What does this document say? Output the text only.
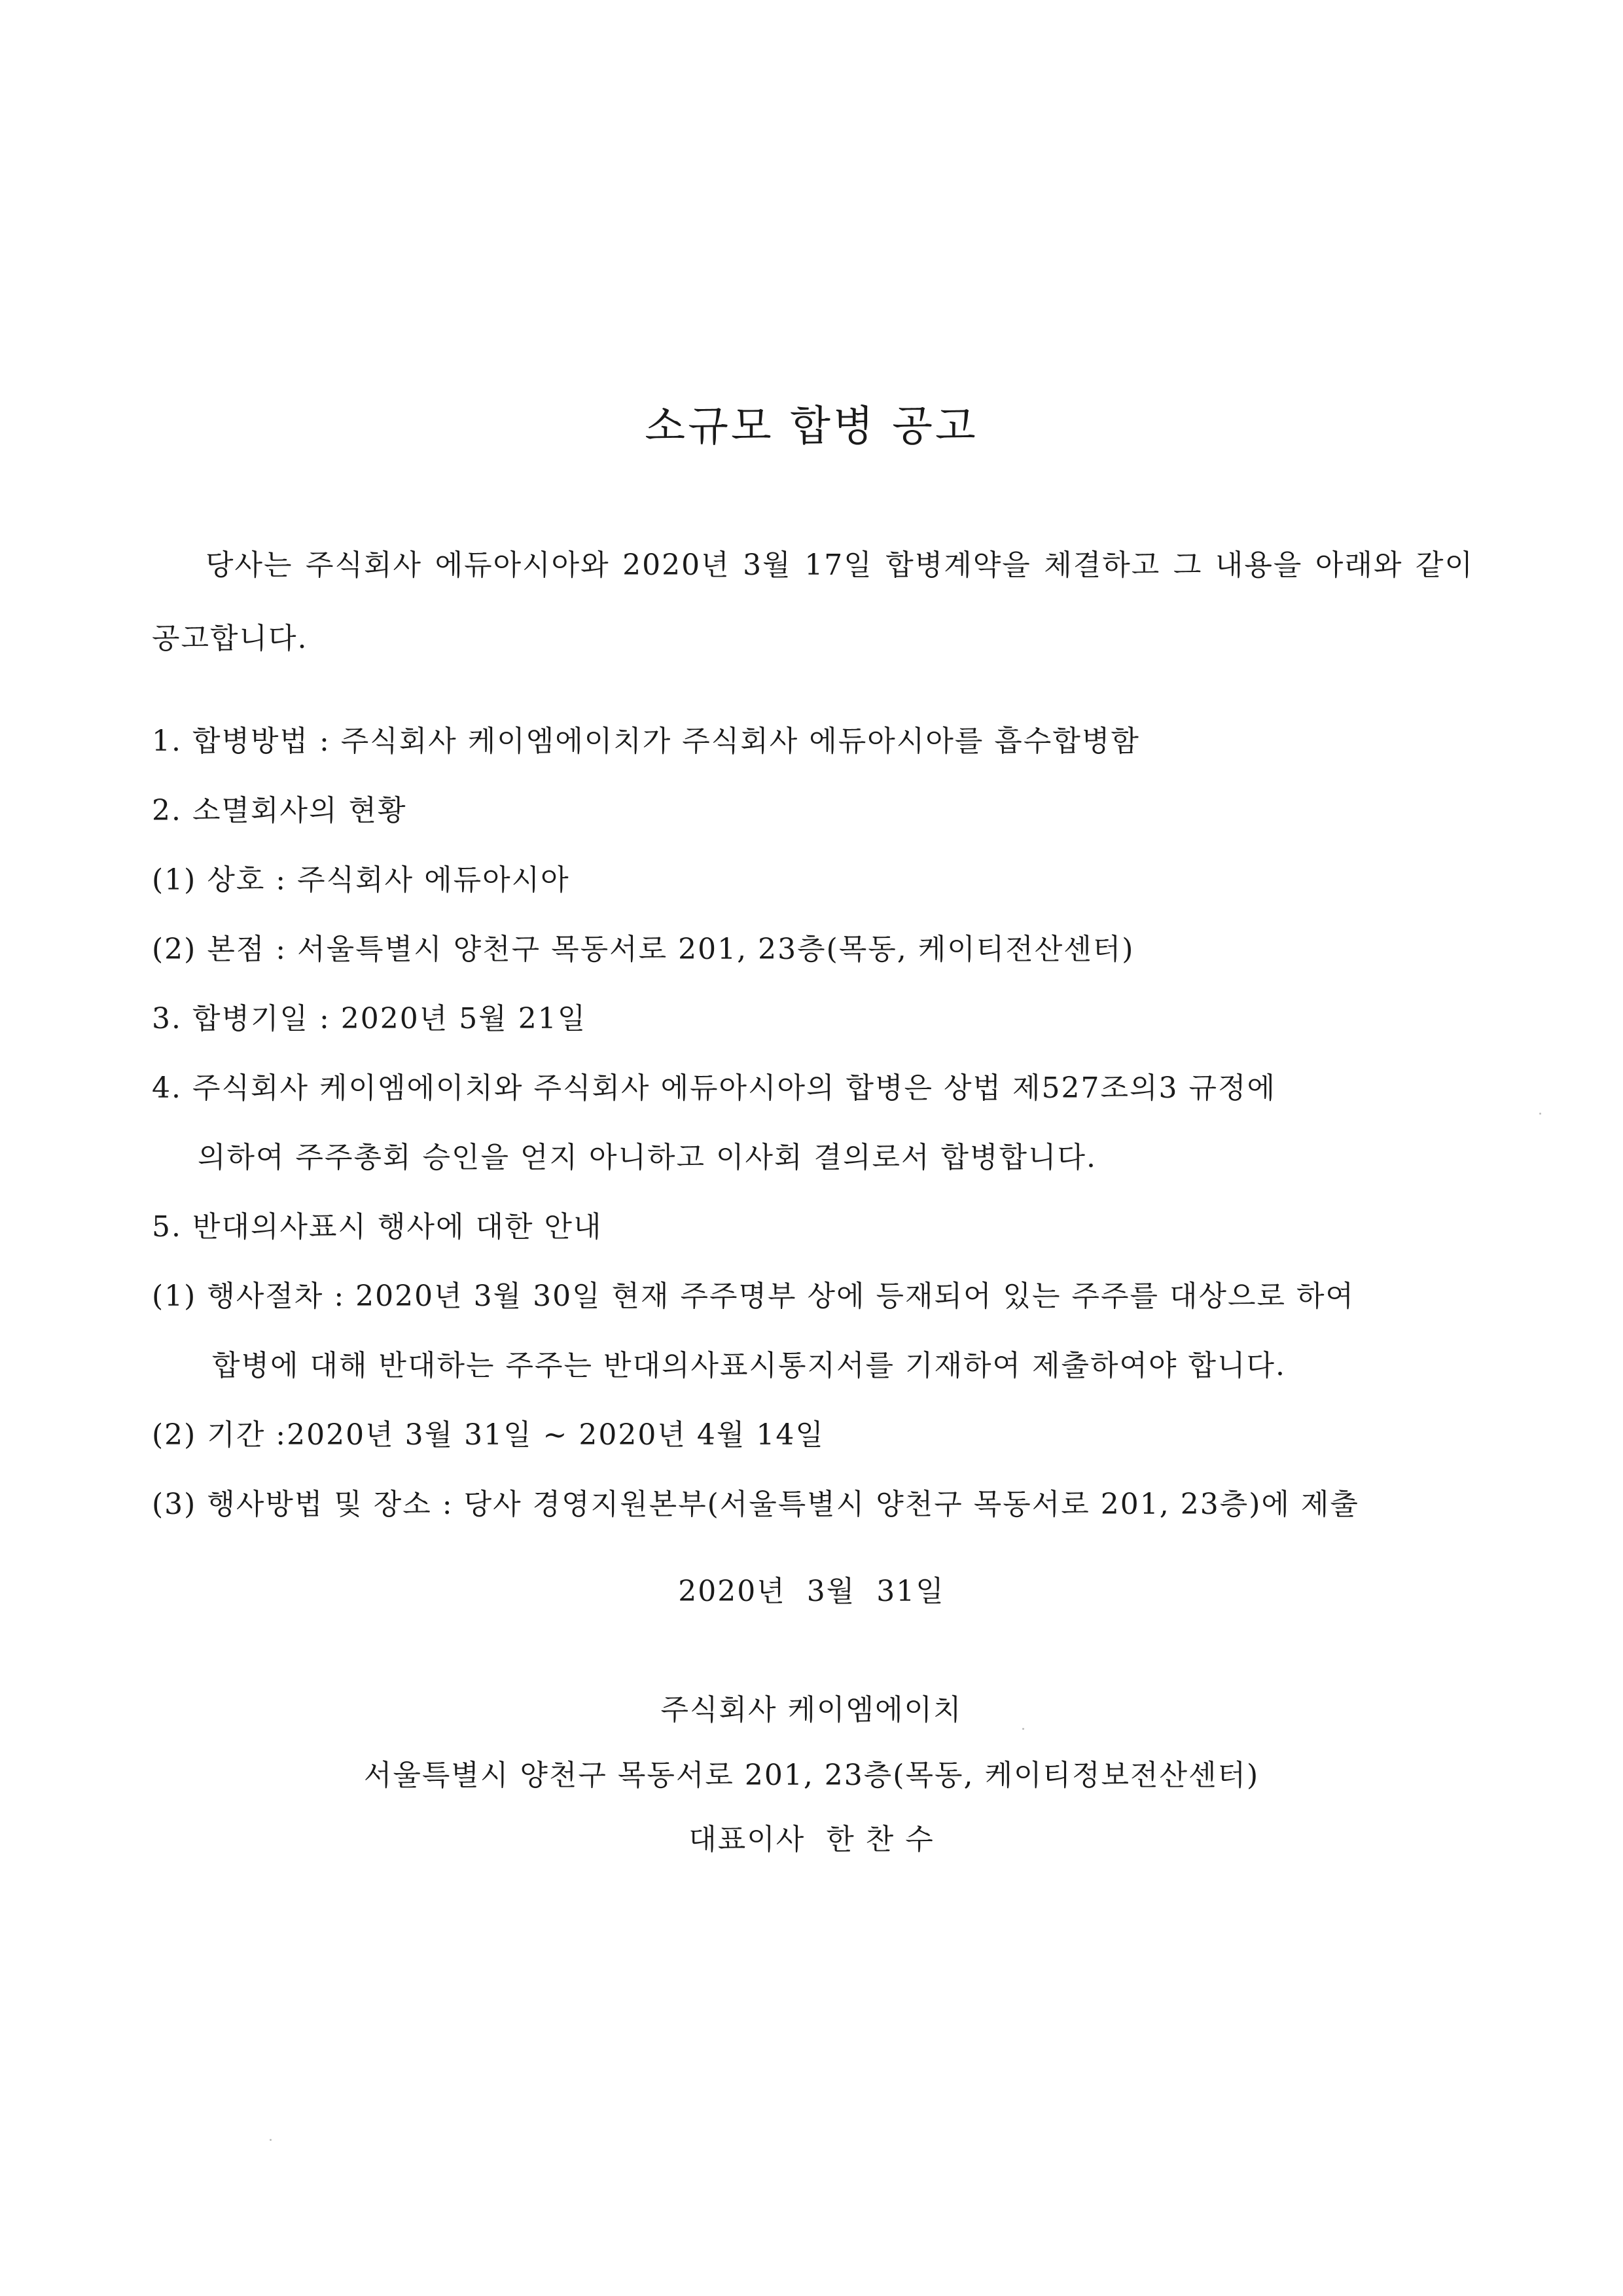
소규모 합병 공고
당사는 주식회사 에듀아시아와 2020년 3월 17일 합병계약을 체결하고 그 내용을 아래와 같이 공고합니다.
1. 합병방법 : 주식회사 케이엠에이치가 주식회사 에듀아시아를 흡수합병함
2. 소멸회사의 현황
(1) 상호 : 주식회사 에듀아시아
(2) 본점 : 서울특별시 양천구 목동서로 201, 23층(목동, 케이티전산센터)
3. 합병기일 : 2020년 5월 21일
4. 주식회사 케이엠에이치와 주식회사 에듀아시아의 합병은 상법 제527조의3 규정에
의하여 주주총회 승인을 얻지 아니하고 이사회 결의로서 합병합니다.
5. 반대의사표시 행사에 대한 안내
(1) 행사절차 : 2020년 3월 30일 현재 주주명부 상에 등재되어 있는 주주를 대상으로 하여
합병에 대해 반대하는 주주는 반대의사표시통지서를 기재하여 제출하여야 합니다.
(2) 기간 :2020년 3월 31일 ~ 2020년 4월 14일
(3) 행사방법 및 장소 : 당사 경영지원본부(서울특별시 양천구 목동서로 201, 23층)에 제출
2020년  3월  31일
주식회사 케이엠에이치
서울특별시 양천구 목동서로 201, 23층(목동, 케이티정보전산센터)
대표이사  한 찬 수
